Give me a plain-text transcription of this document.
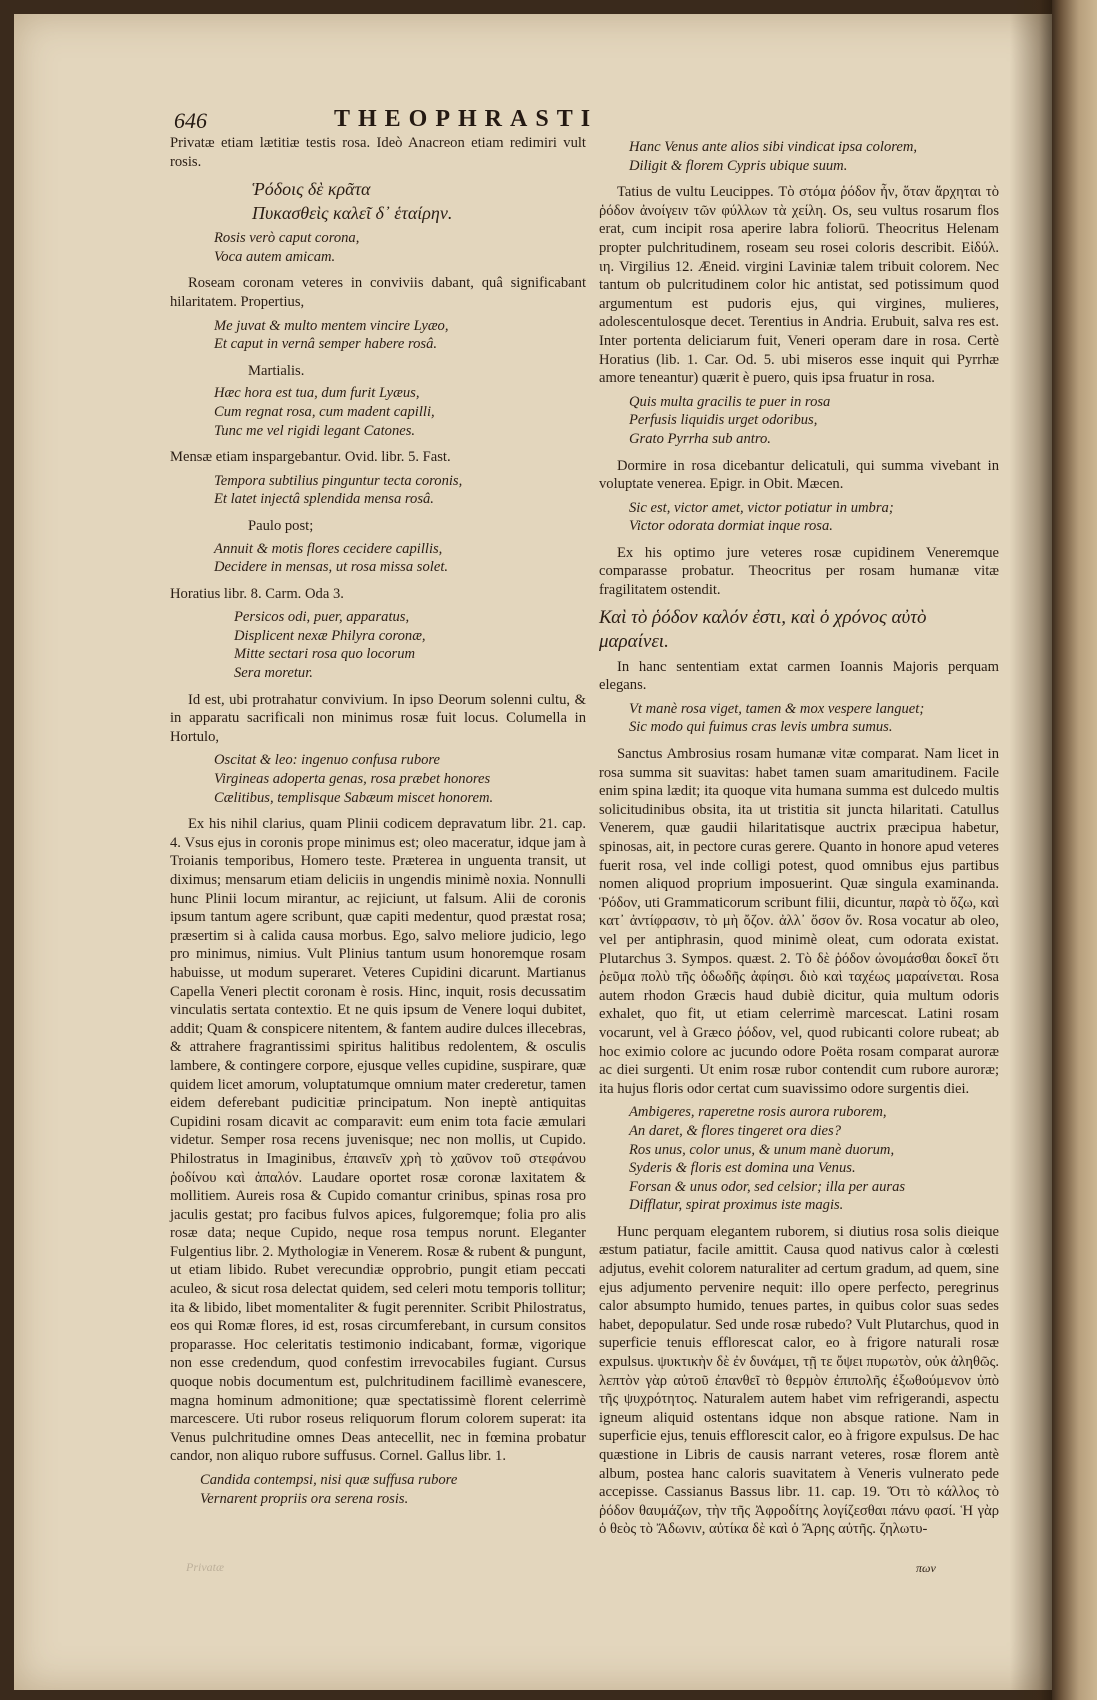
646	THEOPHRASTI

Privatæ etiam lætitiæ testis rosa. Ideò Anacreon etiam redimiri vult rosis.

Ῥόδοις δὲ κρᾶτα
Πυκασθεὶς καλεῖ δ᾽ ἑταίρην.
Rosis verò caput corona,
Voca autem amicam.

Roseam coronam veteres in conviviis dabant, quâ significabant hilaritatem. Propertius,

Me juvat & multo mentem vincire Lyæo,
Et caput in vernâ semper habere rosâ.
Martialis.
Hæc hora est tua, dum furit Lyæus,
Cum regnat rosa, cum madent capilli,
Tunc me vel rigidi legant Catones.

Mensæ etiam inspargebantur. Ovid. libr. 5. Fast.

Tempora subtilius pinguntur tecta coronis,
Et latet injectâ splendida mensa rosâ.
Paulo post;
Annuit & motis flores cecidere capillis,
Decidere in mensas, ut rosa missa solet.

Horatius libr. 8. Carm. Oda 3.

Persicos odi, puer, apparatus,
Displicent nexæ Philyra coronæ,
Mitte sectari rosa quo locorum
Sera moretur.

Id est, ubi protrahatur convivium. In ipso Deorum solenni cultu, & in apparatu sacrificali non minimus rosæ fuit locus. Columella in Hortulo,

Oscitat & leo: ingenuo confusa rubore
Virgineas adoperta genas, rosa præbet honores
Cælitibus, templisque Sabæum miscet honorem.

Ex his nihil clarius, quam Plinii codicem depravatum libr. 21. cap. 4. Vsus ejus in coronis prope minimus est; oleo maceratur, idque jam à Troianis temporibus, Homero teste. Præterea in unguenta transit, ut diximus; mensarum etiam deliciis in ungendis minimè noxia. Nonnulli hunc Plinii locum mirantur, ac rejiciunt, ut falsum. Alii de coronis ipsum tantum agere scribunt, quæ capiti medentur, quod præstat rosa; præsertim si à calida causa morbus. Ego, salvo meliore judicio, lego pro minimus, nimius. Vult Plinius tantum usum honoremque rosam habuisse, ut modum superaret. Veteres Cupidini dicarunt. Martianus Capella Veneri plectit coronam è rosis. Hinc, inquit, rosis decussatim vinculatis sertata contextio. Et ne quis ipsum de Venere loqui dubitet, addit; Quam & conspicere nitentem, & fantem audire dulces illecebras, & attrahere fragrantissimi spiritus halitibus redolentem, & osculis lambere, & contingere corpore, ejusque velles cupidine, suspirare, quæ quidem licet amorum, voluptatumque omnium mater crederetur, tamen eidem deferebant pudicitiæ principatum. Non ineptè antiquitas Cupidini rosam dicavit ac comparavit: eum enim tota facie æmulari videtur. Semper rosa recens juvenisque; nec non mollis, ut Cupido. Philostratus in Imaginibus, ἐπαινεῖν χρὴ τὸ χαῦνον τοῦ στεφάνου ῥοδίνου καὶ ἁπαλόν. Laudare oportet rosæ coronæ laxitatem & mollitiem. Aureis rosa & Cupido comantur crinibus, spinas rosa pro jaculis gestat; pro facibus fulvos apices, fulgoremque; folia pro alis rosæ data; neque Cupido, neque rosa tempus norunt. Eleganter Fulgentius libr. 2. Mythologiæ in Venerem. Rosæ & rubent & pungunt, ut etiam libido. Rubet verecundiæ opprobrio, pungit etiam peccati aculeo, & sicut rosa delectat quidem, sed celeri motu temporis tollitur; ita & libido, libet momentaliter & fugit perenniter. Scribit Philostratus, eos qui Romæ flores, id est, rosas circumferebant, in cursum consitos proparasse. Hoc celeritatis testimonio indicabant, formæ, vigorique non esse credendum, quod confestim irrevocabiles fugiant. Cursus quoque nobis documentum est, pulchritudinem facillimè evanescere, magna hominum admonitione; quæ spectatissimè florent celerrimè marcescere. Uti rubor roseus reliquorum florum colorem superat: ita Venus pulchritudine omnes Deas antecellit, nec in fœmina probatur candor, non aliquo rubore suffusus. Cornel. Gallus libr. 1.

Candida contempsi, nisi quæ suffusa rubore
Vernarent propriis ora serena rosis.
Hanc Venus ante alios sibi vindicat ipsa colorem,
Diligit & florem Cypris ubique suum.

Tatius de vultu Leucippes. Τὸ στόμα ῥόδον ἦν, ὅταν ἄρχηται τὸ ῥόδον ἀνοίγειν τῶν φύλλων τὰ χείλη. Os, seu vultus rosarum flos erat, cum incipit rosa aperire labra foliorū. Theocritus Helenam propter pulchritudinem, roseam seu rosei coloris describit. Εἰδύλ. ιη. Virgilius 12. Æneid. virgini Laviniæ talem tribuit colorem. Nec tantum ob pulcritudinem color hic antistat, sed potissimum quod argumentum est pudoris ejus, qui virgines, mulieres, adolescentulosque decet. Terentius in Andria. Erubuit, salva res est. Inter portenta deliciarum fuit, Veneri operam dare in rosa. Certè Horatius (lib. 1. Car. Od. 5. ubi miseros esse inquit qui Pyrrhæ amore teneantur) quærit è puero, quis ipsa fruatur in rosa.

Quis multa gracilis te puer in rosa
Perfusis liquidis urget odoribus,
Grato Pyrrha sub antro.

Dormire in rosa dicebantur delicatuli, qui summa vivebant in voluptate venerea. Epigr. in Obit. Mæcen.

Sic est, victor amet, victor potiatur in umbra;
Victor odorata dormiat inque rosa.

Ex his optimo jure veteres rosæ cupidinem Veneremque comparasse probatur. Theocritus per rosam humanæ vitæ fragilitatem ostendit.

Καὶ τὸ ῥόδον καλόν ἐστι, καὶ ὁ χρόνος αὐτὸ μαραίνει.

In hanc sententiam extat carmen Ioannis Majoris perquam elegans.

Vt manè rosa viget, tamen & mox vespere languet;
Sic modo qui fuimus cras levis umbra sumus.

Sanctus Ambrosius rosam humanæ vitæ comparat. Nam licet in rosa summa sit suavitas: habet tamen suam amaritudinem. Facile enim spina lædit; ita quoque vita humana summa est dulcedo multis solicitudinibus obsita, ita ut tristitia sit juncta hilaritati. Catullus Venerem, quæ gaudii hilaritatisque auctrix præcipua habetur, spinosas, ait, in pectore curas gerere. Quanto in honore apud veteres fuerit rosa, vel inde colligi potest, quod omnibus ejus partibus nomen aliquod proprium imposuerint. Quæ singula examinanda. Ῥόδον, uti Grammaticorum scribunt filii, dicuntur, παρὰ τὸ ὄζω, καὶ κατ᾽ ἀντίφρασιν, τὸ μὴ ὄζον. ἀλλ᾽ ὅσον ὄν. Rosa vocatur ab oleo, vel per antiphrasin, quod minimè oleat, cum odorata existat. Plutarchus 3. Sympos. quæst. 2. Τὸ δὲ ῥόδον ὠνομάσθαι δοκεῖ ὅτι ῥεῦμα πολὺ τῆς ὀδωδῆς ἀφίησι. διὸ καὶ ταχέως μαραίνεται. Rosa autem rhodon Græcis haud dubiè dicitur, quia multum odoris exhalet, quo fit, ut etiam celerrimè marcescat. Latini rosam vocarunt, vel à Græco ῥόδον, vel, quod rubicanti colore rubeat; ab hoc eximio colore ac jucundo odore Poëta rosam comparat auroræ ac diei surgenti. Ut enim rosæ rubor contendit cum rubore auroræ; ita hujus floris odor certat cum suavissimo odore surgentis diei.

Ambigeres, raperetne rosis aurora ruborem,
An daret, & flores tingeret ora dies?
Ros unus, color unus, & unum manè duorum,
Syderis & floris est domina una Venus.
Forsan & unus odor, sed celsior; illa per auras
Difflatur, spirat proximus iste magis.

Hunc perquam elegantem ruborem, si diutius rosa solis dieique æstum patiatur, facile amittit. Causa quod nativus calor à cœlesti adjutus, evehit colorem naturaliter ad certum gradum, ad quem, sine ejus adjumento pervenire nequit: illo opere perfecto, peregrinus calor absumpto humido, tenues partes, in quibus color suas sedes habet, depopulatur. Sed unde rosæ rubedo? Vult Plutarchus, quod in superficie tenuis efflorescat calor, eo à frigore naturali rosæ expulsus. ψυκτικὴν δὲ ἐν δυνάμει, τῇ τε ὄψει πυρωτὸν, οὐκ ἀληθῶς. λεπτὸν γὰρ αὐτοῦ ἐπανθεῖ τὸ θερμὸν ἐπιπολῆς ἐξωθούμενον ὑπὸ τῆς ψυχρότητος. Naturalem autem habet vim refrigerandi, aspectu igneum aliquid ostentans idque non absque ratione. Nam in superficie ejus, tenuis efflorescit calor, eo à frigore expulsus. De hac quæstione in Libris de causis narrant veteres, rosæ florem antè album, postea hanc caloris suavitatem à Veneris vulnerato pede accepisse. Cassianus Bassus libr. 11. cap. 19. Ὅτι τὸ κάλλος τὸ ῥόδον θαυμάζων, τὴν τῆς Ἀφροδίτης λογίζεσθαι πάνυ φασί. Ἡ γὰρ ὁ θεὸς τὸ Ἄδωνιν, αὐτίκα δὲ καὶ ὁ Ἄρης αὐτῆς. ζηλωτυ-

πων
Privatæ
